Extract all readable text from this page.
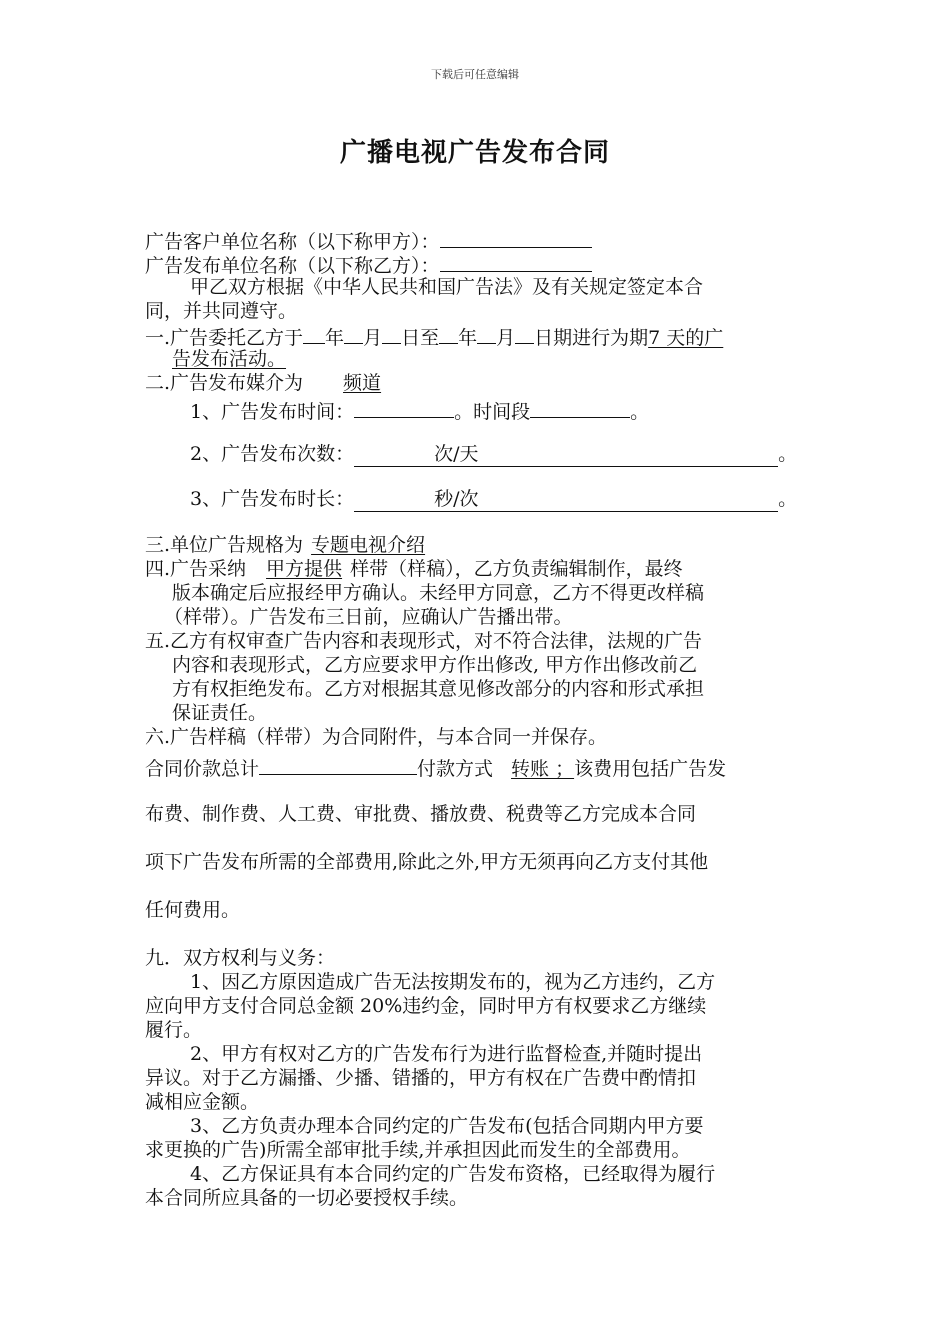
下载后可任意编辑
广播电视广告发布合同
广告客户单位名称（以下称甲方）：
广告发布单位名称（以下称乙方）：
甲乙双方根据《中华人民共和国广告法》及有关规定签定本合
同，并共同遵守。
一.广告委托乙方于 年 月 日至 年 月 日期进行为期7 天的广
告发布活动。
二.广告发布媒介为 频道
1、广告发布时间：	。时间段	。
2、广告发布次数：	次/天	。
3、广告发布时长：	秒/次	。
三.单位广告规格为 专题电视介绍
四.广告采纳 甲方提供 样带（样稿），乙方负责编辑制作，最终
版本确定后应报经甲方确认。未经甲方同意，乙方不得更改样稿
（样带）。广告发布三日前，应确认广告播出带。
五.乙方有权审查广告内容和表现形式，对不符合法律，法规的广告
内容和表现形式，乙方应要求甲方作出修改, 甲方作出修改前乙
方有权拒绝发布。乙方对根据其意见修改部分的内容和形式承担
保证责任。
六.广告样稿（样带）为合同附件，与本合同一并保存。
合同价款总计	付款方式 转账 ；该费用包括广告发
布费、制作费、人工费、审批费、播放费、税费等乙方完成本合同
项下广告发布所需的全部费用,除此之外,甲方无须再向乙方支付其他
任何费用。
九．双方权利与义务：
1、因乙方原因造成广告无法按期发布的，视为乙方违约，乙方
应向甲方支付合同总金额 20%违约金，同时甲方有权要求乙方继续
履行。
2、甲方有权对乙方的广告发布行为进行监督检查,并随时提出
异议。对于乙方漏播、少播、错播的，甲方有权在广告费中酌情扣
减相应金额。
3、乙方负责办理本合同约定的广告发布(包括合同期内甲方要
求更换的广告)所需全部审批手续,并承担因此而发生的全部费用。
4、乙方保证具有本合同约定的广告发布资格，已经取得为履行
本合同所应具备的一切必要授权手续。
